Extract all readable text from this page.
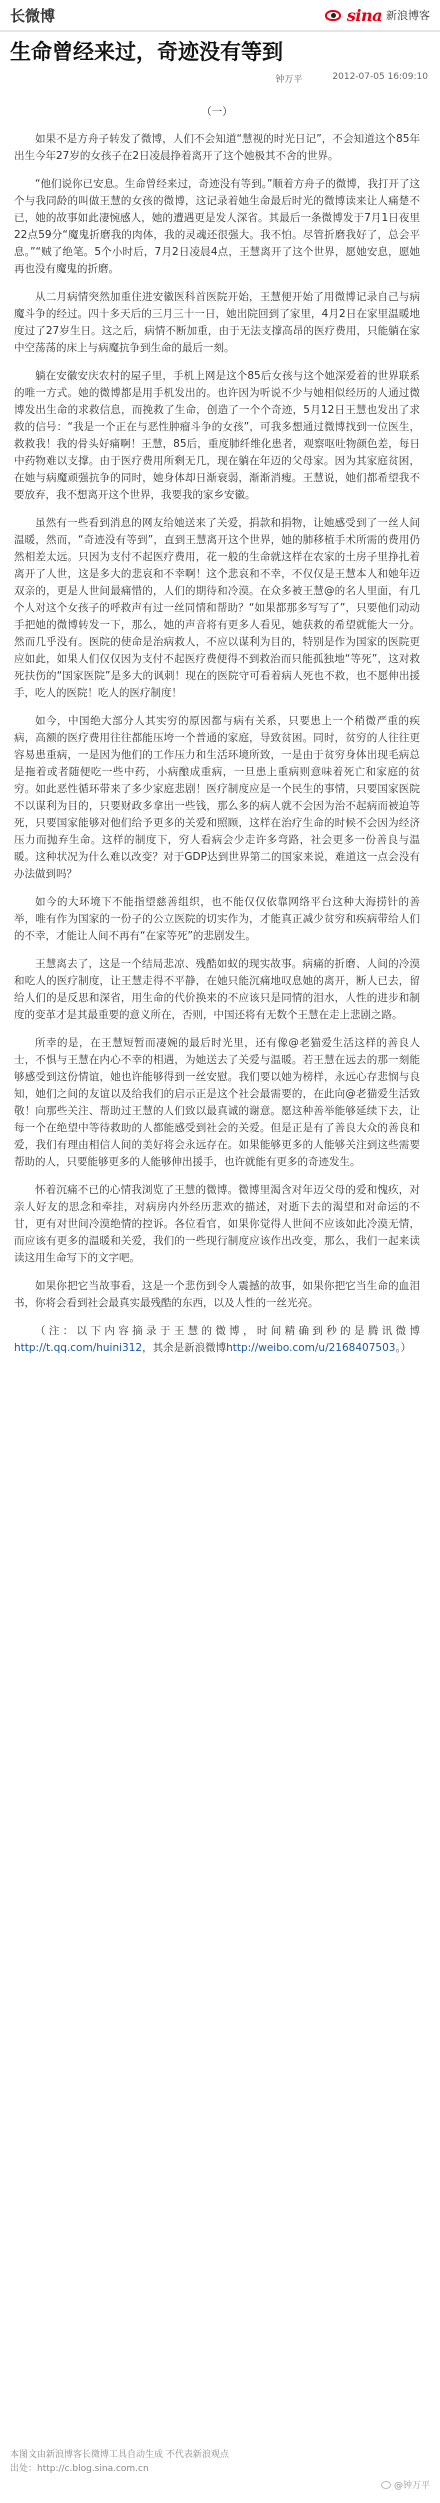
长微博	sina 新浪博客
生命曾经来过，奇迹没有等到
钟万平	2012-07-05 16:09:10

（一）

如果不是方舟子转发了微博，人们不会知道“慧视的时光日记”，不会知道这个85年出生今年27岁的女孩子在2日凌晨挣着离开了这个她极其不舍的世界。

“他们说你已安息。生命曾经来过，奇迹没有等到。”顺着方舟子的微博，我打开了这个与我同龄的叫做王慧的女孩的微博，这记录着她生命最后时光的微博读来让人痛楚不已，她的故事如此凄惋感人，她的遭遇更是发人深省。其最后一条微博发于7月1日夜里22点59分“魔鬼折磨我的肉体，我的灵魂还很强大。我不怕。尽管折磨我好了，总会平息。”“贼了绝笔。5个小时后，7月2日凌晨4点，王慧离开了这个世界，愿她安息，愿她再也没有魔鬼的折磨。

从二月病情突然加重住进安徽医科首医院开始，王慧便开始了用微博记录自己与病魔斗争的经过。四十多天后的三月三十一日，她出院回到了家里，4月2日在家里温暖地度过了27岁生日。这之后，病情不断加重，由于无法支撑高昂的医疗费用，只能躺在家中空荡荡的床上与病魔抗争到生命的最后一刻。

躺在安徽安庆农村的屋子里，手机上网是这个85后女孩与这个她深爱着的世界联系的唯一方式。她的微博都是用手机发出的。也许因为听说不少与她相似经历的人通过微博发出生命的求救信息，而挽救了生命，创造了一个个奇迹，5月12日王慧也发出了求救的信号：“我是一个正在与恶性肿瘤斗争的女孩”，可我多想通过微博找到一位医生，救救我！我的骨头好痛啊！王慧，85后，重度肺纤维化患者，观察呕吐物颜色差，每日中药物难以支撑。由于医疗费用所剩无几，现在躺在年迈的父母家。因为其家庭贫困，在她与病魔顽强抗争的同时，她身体却日渐衰弱，渐渐消瘦。王慧说，她们都希望我不要放弃，我不想离开这个世界，我要我的家乡安徽。

虽然有一些看到消息的网友给她送来了关爱，捐款和捐物，让她感受到了一丝人间温暖，然而，“奇迹没有等到”，直到王慧离开这个世界，她的肺移植手术所需的费用仍然相差太远。只因为支付不起医疗费用，花一般的生命就这样在农家的土房子里挣扎着离开了人世，这是多大的悲哀和不幸啊！这个悲哀和不幸，不仅仅是王慧本人和她年迈双亲的，更是人世间最痛惜的，人们的期待和冷漠。在众多被王慧@的名人里面，有几个人对这个女孩子的呼救声有过一丝同情和帮助？“如果都那多写写了”，只要他们动动手把她的微博转发一下，那么，她的声音将有更多人看见，她获救的希望就能大一分。然而几乎没有。医院的使命是治病救人，不应以谋利为目的，特别是作为国家的医院更应如此，如果人们仅仅因为支付不起医疗费便得不到救治而只能孤独地“等死”，这对救死扶伤的“国家医院”是多大的讽刺！现在的医院守可看着病人死也不救，也不愿伸出援手，吃人的医院！吃人的医疗制度！

如今，中国绝大部分人其实穷的原因都与病有关系，只要患上一个稍微严重的疾病，高额的医疗费用往往都能压垮一个普通的家庭，导致贫困。同时，贫穷的人往往更容易患重病，一是因为他们的工作压力和生活环境所致，一是由于贫穷身体出现毛病总是拖着或者随便吃一些中药，小病酿成重病，一旦患上重病则意味着死亡和家庭的贫穷。如此恶性循环带来了多少家庭悲剧！医疗制度应是一个民生的事情，只要国家医院不以谋利为目的，只要财政多拿出一些钱，那么多的病人就不会因为治不起病而被迫等死，只要国家能够对他们给予更多的关爱和照顾，这样在治疗生命的时候不会因为经济压力而抛弃生命。这样的制度下，穷人看病会少走许多弯路，社会更多一份善良与温暖。这种状况为什么难以改变？对于GDP达到世界第二的国家来说，难道这一点会没有办法做到吗？

如今的大环境下不能指望慈善组织，也不能仅仅依靠网络平台这种大海捞针的善举，唯有作为国家的一份子的公立医院的切实作为，才能真正减少贫穷和疾病带给人们的不幸，才能让人间不再有“在家等死”的悲剧发生。

王慧离去了，这是一个结局悲凉、残酷如蚁的现实故事。病痛的折磨、人间的冷漠和吃人的医疗制度，让王慧走得不平静，在她只能沉痛地叹息她的离开，断人已去，留给人们的是反思和深省，用生命的代价换来的不应该只是同情的泪水，人性的进步和制度的变革才是其最重要的意义所在，否则，中国还将有无数个王慧在走上悲剧之路。

所幸的是，在王慧短暂而凄婉的最后时光里，还有像@老猫爱生活这样的善良人士，不惧与王慧在内心不幸的相遇，为她送去了关爱与温暖。若王慧在远去的那一刻能够感受到这份情谊，她也许能够得到一丝安慰。我们要以她为榜样，永远心存悲悯与良知，她们之间的友谊以及给我们的启示正是这个社会最需要的，在此向@老猫爱生活致敬！向那些关注、帮助过王慧的人们致以最真诚的谢意。愿这种善举能够延续下去，让每一个在绝望中等待救助的人都能感受到社会的关爱。但是正是有了善良大众的善良和爱，我们有理由相信人间的美好将会永远存在。如果能够更多的人能够关注到这些需要帮助的人，只要能够更多的人能够伸出援手，也许就能有更多的奇迹发生。

怀着沉痛不已的心情我浏览了王慧的微博。微博里渴含对年迈父母的爱和愧疚，对亲人好友的思念和牵挂，对病房内外经历悲欢的描述，对逝下去的渴望和对命运的不甘，更有对世间冷漠绝情的控诉。各位看官，如果你觉得人世间不应该如此冷漠无情，而应该有更多的温暖和关爱，我们的一些现行制度应该作出改变，那么，我们一起来读读这用生命写下的文字吧。

如果你把它当故事看，这是一个悲伤到令人震撼的故事，如果你把它当生命的血泪书，你将会看到社会最真实最残酷的东西，以及人性的一丝光亮。

（注：以下内容摘录于王慧的微博，时间精确到秒的是腾讯微博http://t.qq.com/huini312，其余是新浪微博http://weibo.com/u/2168407503。）

本图文由新浪博客长微博工具自动生成 不代表新浪观点
出处：http://c.blog.sina.com.cn
@钟万平
